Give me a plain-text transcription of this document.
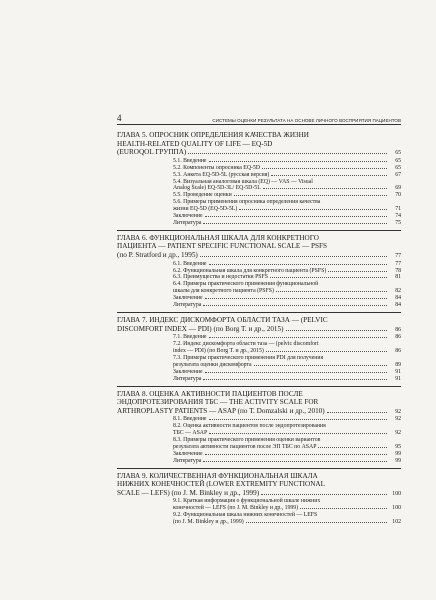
4	СИСТЕМЫ ОЦЕНКИ РЕЗУЛЬТАТА НА ОСНОВЕ ЛИЧНОГО ВОСПРИЯТИЯ ПАЦИЕНТОВ
ГЛАВА 5. ОПРОСНИК ОПРЕДЕЛЕНИЯ КАЧЕСТВА ЖИЗНИ
HEALTH-RELATED QUALITY OF LIFE — EQ-5D
(EUROQOL ГРУППА)	65
5.1. Введение	65
5.2. Компоненты опросника EQ-5D	65
5.3. Анкета EQ-5D-5L (русская версия)	67
5.4. Визуальная аналоговая шкала (EQ) — VAS — Visual
Analog Scale) EQ-5D-3L/ EQ-5D-5L	69
5.5. Проведение оценки	70
5.6. Примеры применения опросника определения качества
жизни EQ-5D (EQ-5D-5L)	71
Заключение	74
Литература	75
ГЛАВА 6. ФУНКЦИОНАЛЬНАЯ ШКАЛА ДЛЯ КОНКРЕТНОГО
ПАЦИЕНТА — PATIENT SPECIFIC FUNCTIONAL SCALE — PSFS
(по P. Stratford и др., 1995)	77
6.1. Введение	77
6.2. Функциональная шкала для конкретного пациента (PSFS)	78
6.3. Преимущества и недостатки PSFS	81
6.4. Примеры практического применения функциональной
шкалы для конкретного пациента (PSFS)	82
Заключение	84
Литература	84
ГЛАВА 7. ИНДЕКС ДИСКОМФОРТА ОБЛАСТИ ТАЗА — (PELVIC
DISCOMFORT INDEX — PDI) (по Borg T. и др., 2015)	86
7.1. Введение	86
7.2. Индекс дискомфорта области таза — (pelvic discomfort
index — PDI) (по Borg T. и др., 2015)	86
7.3. Примеры практического применения PDI для получения
результата оценки дискомфорта	89
Заключение	91
Литература	91
ГЛАВА 8. ОЦЕНКА АКТИВНОСТИ ПАЦИЕНТОВ ПОСЛЕ
ЭНДОПРОТЕЗИРОВАНИЯ ТБС — THE ACTIVITY SCALE FOR
ARTHROPLASTY PATIENTS — ASAP (по T. Domzalski и др., 2010)	92
8.1. Введение	92
8.2. Оценка активности пациентов после эндопротезирования
ТБС — ASAP	92
8.3. Примеры практического применения оценки вариантов
результата активности пациентов после ЭП ТБС по ASAP	95
Заключение	99
Литература	99
ГЛАВА 9. КОЛИЧЕСТВЕННАЯ ФУНКЦИОНАЛЬНАЯ ШКАЛА
НИЖНИХ КОНЕЧНОСТЕЙ (LOWER EXTREMITY FUNCTIONAL
SCALE — LEFS) (по J. M. Binkley и др., 1999)	100
9.1. Краткая информация о функциональной шкале нижних
конечностей — LEFS (по J. M. Binkley и др., 1999)	100
9.2. Функциональная шкала нижних конечностей — LEFS
(по J. M. Binkley и др., 1999)	102
